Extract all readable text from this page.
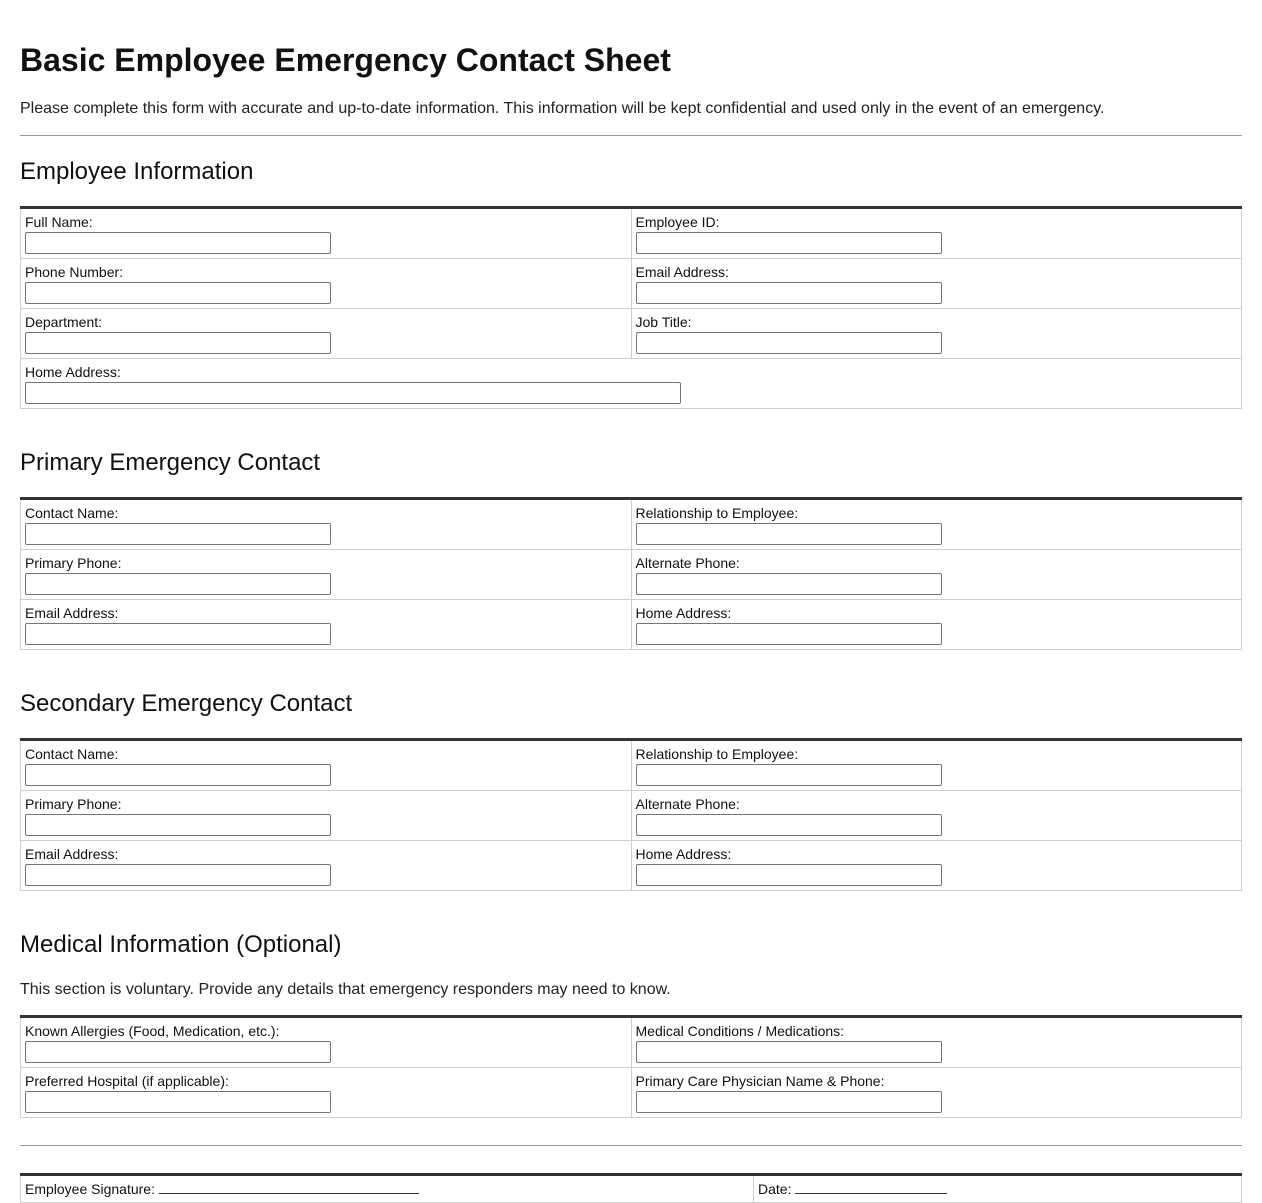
Basic Employee Emergency Contact Sheet

Please complete this form with accurate and up-to-date information. This information will be kept confidential and used only in the event of an emergency.

Employee Information
Full Name:	Employee ID:

Phone Number:	Email Address:

Department:	Job Title:

Home Address:	
Primary Emergency Contact
Contact Name:	Relationship to Employee:

Primary Phone:	Alternate Phone:

Email Address:	Home Address:
Secondary Emergency Contact
Contact Name:	Relationship to Employee:

Primary Phone:	Alternate Phone:

Email Address:	Home Address:
Medical Information (Optional)

This section is voluntary. Provide any details that emergency responders may need to know.

Known Allergies (Food, Medication, etc.):	Medical Conditions / Medications:

Preferred Hospital (if applicable):	Primary Care Physician Name & Phone:
Employee Signature:	Date:
